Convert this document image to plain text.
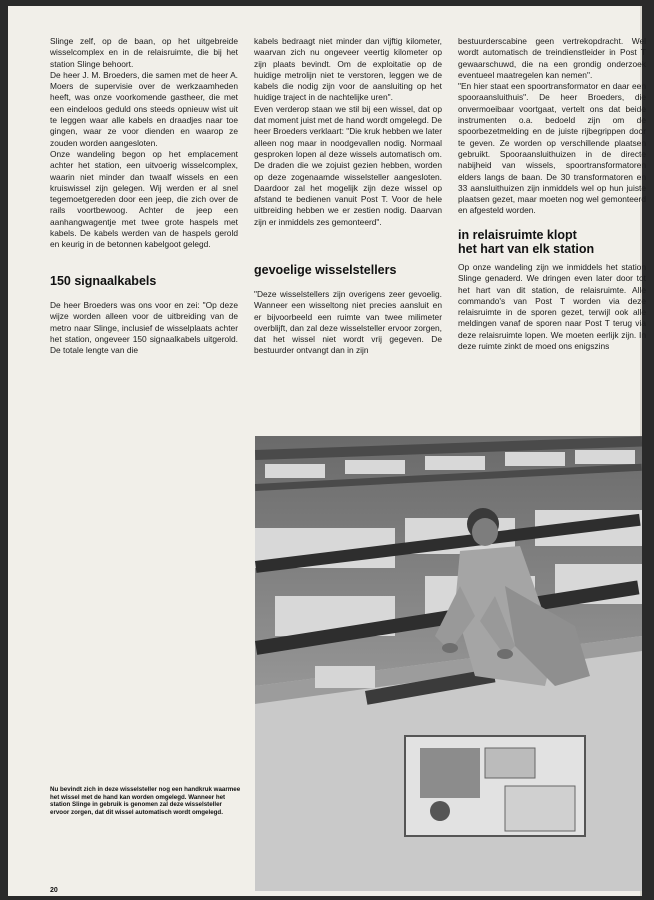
Slinge zelf, op de baan, op het uitgebreide wisselcomplex en in de relaisruimte, die bij het station Slinge behoort.

De heer J. M. Broeders, die samen met de heer A. Moers de supervisie over de werkzaamheden heeft, was onze voorkomende gastheer, die met een eindeloos geduld ons steeds opnieuw wist uit te leggen waar alle kabels en draadjes naar toe gingen, waar ze voor dienden en waarop ze zouden worden aangesloten.

Onze wandeling begon op het emplacement achter het station, een uitvoerig wisselcomplex, waarin niet minder dan twaalf wissels en een kruiswissel zijn gelegen. Wij werden er al snel tegemoetgereden door een jeep, die zich over de rails voortbewoog. Achter de jeep een aanhangwagentje met twee grote haspels met kabels. De kabels werden van de haspels gerold en keurig in de betonnen kabelgoot gelegd.

150 signaalkabels

De heer Broeders was ons voor en zei: "Op deze wijze worden alleen voor de uitbreiding van de metro naar Slinge, inclusief de wisselplaats achter het station, ongeveer 150 signaalkabels uitgerold. De totale lengte van die

kabels bedraagt niet minder dan vijftig kilometer, waarvan zich nu ongeveer veertig kilometer op zijn plaats bevindt. Om de exploitatie op de huidige metrolijn niet te verstoren, leggen we de kabels die nodig zijn voor de aansluiting op het huidige traject in de nachtelijke uren".

Even verderop staan we stil bij een wissel, dat op dat moment juist met de hand wordt omgelegd. De heer Broeders verklaart: "Die kruk hebben we later alleen nog maar in noodgevallen nodig. Normaal gesproken lopen al deze wissels automatisch om. De draden die we zojuist gezien hebben, worden op deze zogenaamde wisselsteller aangesloten. Daardoor zal het mogelijk zijn deze wissel op afstand te bedienen vanuit Post T. Voor de hele uitbreiding hebben we er zestien nodig. Daarvan zijn er inmiddels zes gemonteerd".

gevoelige wisselstellers

"Deze wisselstellers zijn overigens zeer gevoelig. Wanneer een wisseltong niet precies aansluit en er bijvoorbeeld een ruimte van twee milimeter overblijft, dan zal deze wisselsteller ervoor zorgen, dat het wissel niet wordt vrij gegeven. De bestuurder ontvangt dan in zijn

bestuurderscabine geen vertrekopdracht. Wel wordt automatisch de treindienstleider in Post T gewaarschuwd, die na een grondig onderzoek eventueel maatregelen kan nemen".

"En hier staat een spoortransformator en daar een spooraansluithuis". De heer Broeders, die onvermoeibaar voortgaat, vertelt ons dat beide instrumenten o.a. bedoeld zijn om de spoorbezetmelding en de juiste rijbegrippen door te geven. Ze worden op verschillende plaatsen gebruikt. Spooraansluithuizen in de directe nabijheid van wissels, spoortransformatoren elders langs de baan. De 30 transformatoren en 33 aansluithuizen zijn inmiddels wel op hun juiste plaatsen gezet, maar moeten nog wel gemonteerd en afgesteld worden.

in relaisruimte klopt
het hart van elk station

Op onze wandeling zijn we inmiddels het station Slinge genaderd. We dringen even later door tot het hart van dit station, de relaisruimte. Alle commando's van Post T worden via deze relaisruimte in de sporen gezet, terwijl ook alle meldingen vanaf de sporen naar Post T terug via deze relaisruimte lopen. We moeten eerlijk zijn. In deze ruimte zinkt de moed ons enigszins

Nu bevindt zich in deze wisselsteller nog een handkruk waarmee het wissel met de hand kan worden omgelegd. Wanneer het station Slinge in gebruik is genomen zal deze wisselsteller ervoor zorgen, dat dit wissel automatisch wordt omgelegd.
20
